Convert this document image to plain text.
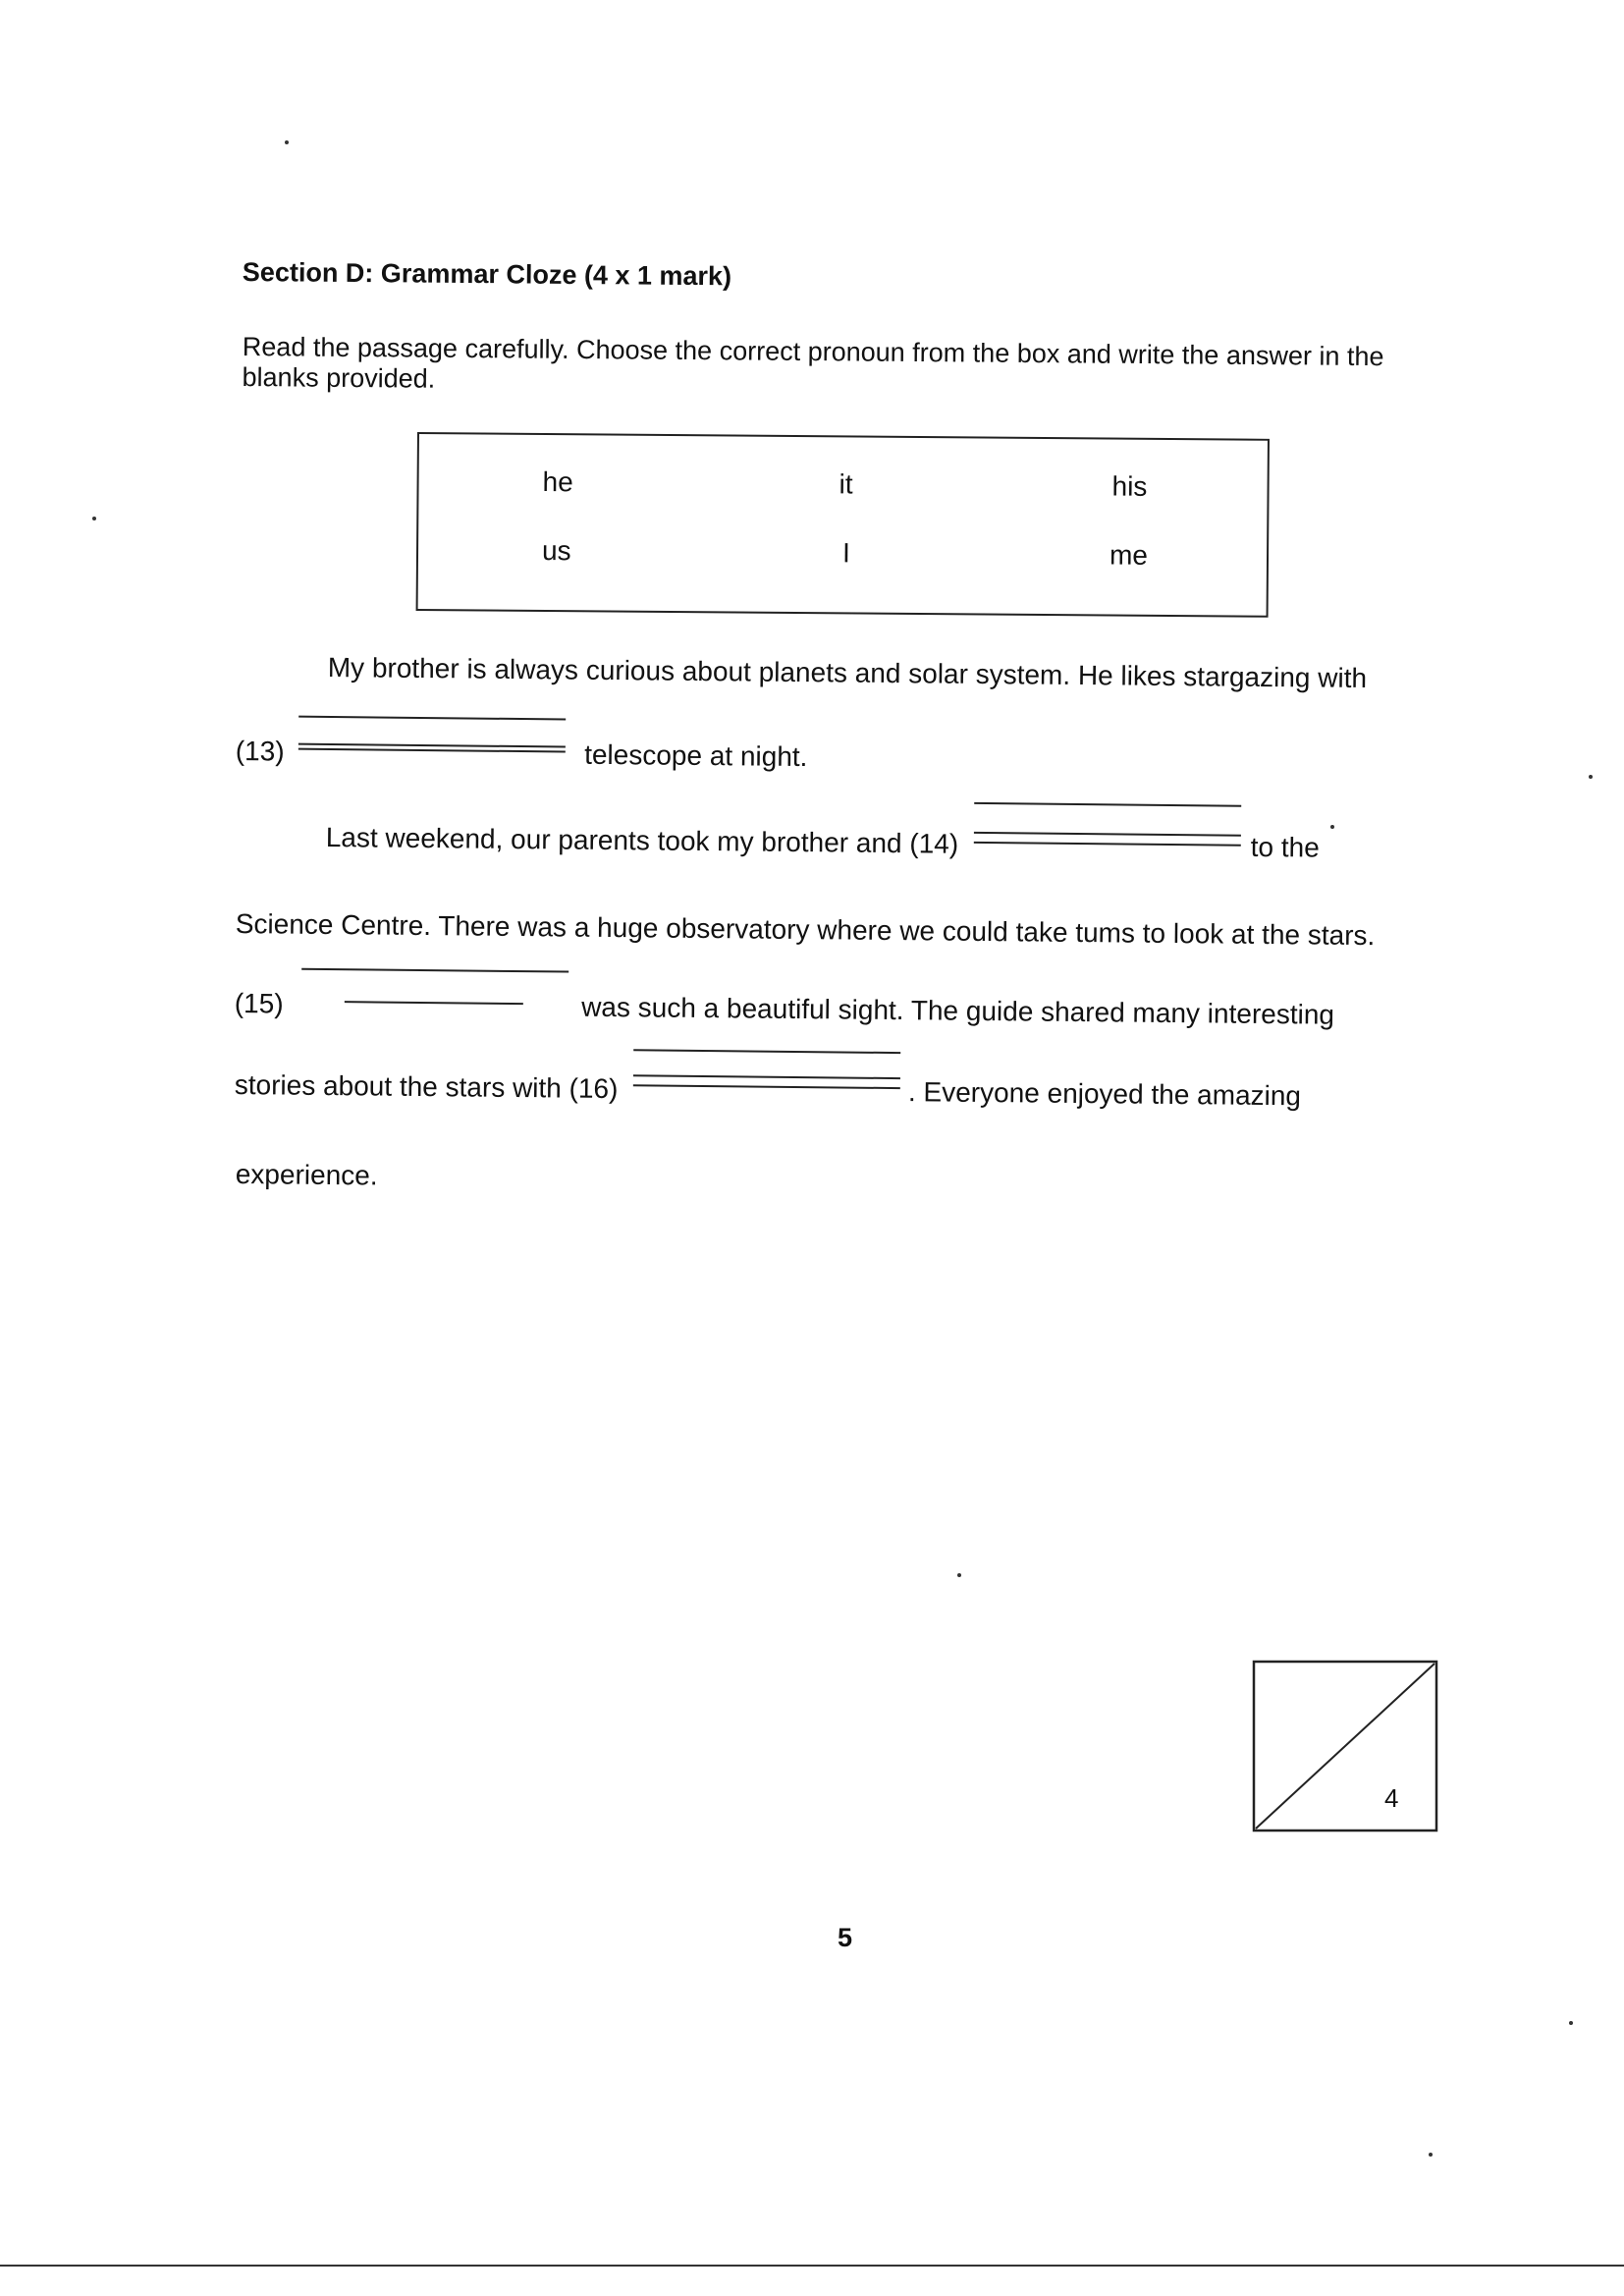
Section D: Grammar Cloze (4 x 1 mark)
Read the passage carefully. Choose the correct pronoun from the box and write the answer in the blanks provided.
he	it	his
us	I	me
My brother is always curious about planets and solar system. He likes stargazing with
(13)	telescope at night.
Last weekend, our parents took my brother and (14)	to the
Science Centre. There was a huge observatory where we could take tums to look at the stars.
(15)	was such a beautiful sight. The guide shared many interesting
stories about the stars with (16)	. Everyone enjoyed the amazing
experience.
4
5
